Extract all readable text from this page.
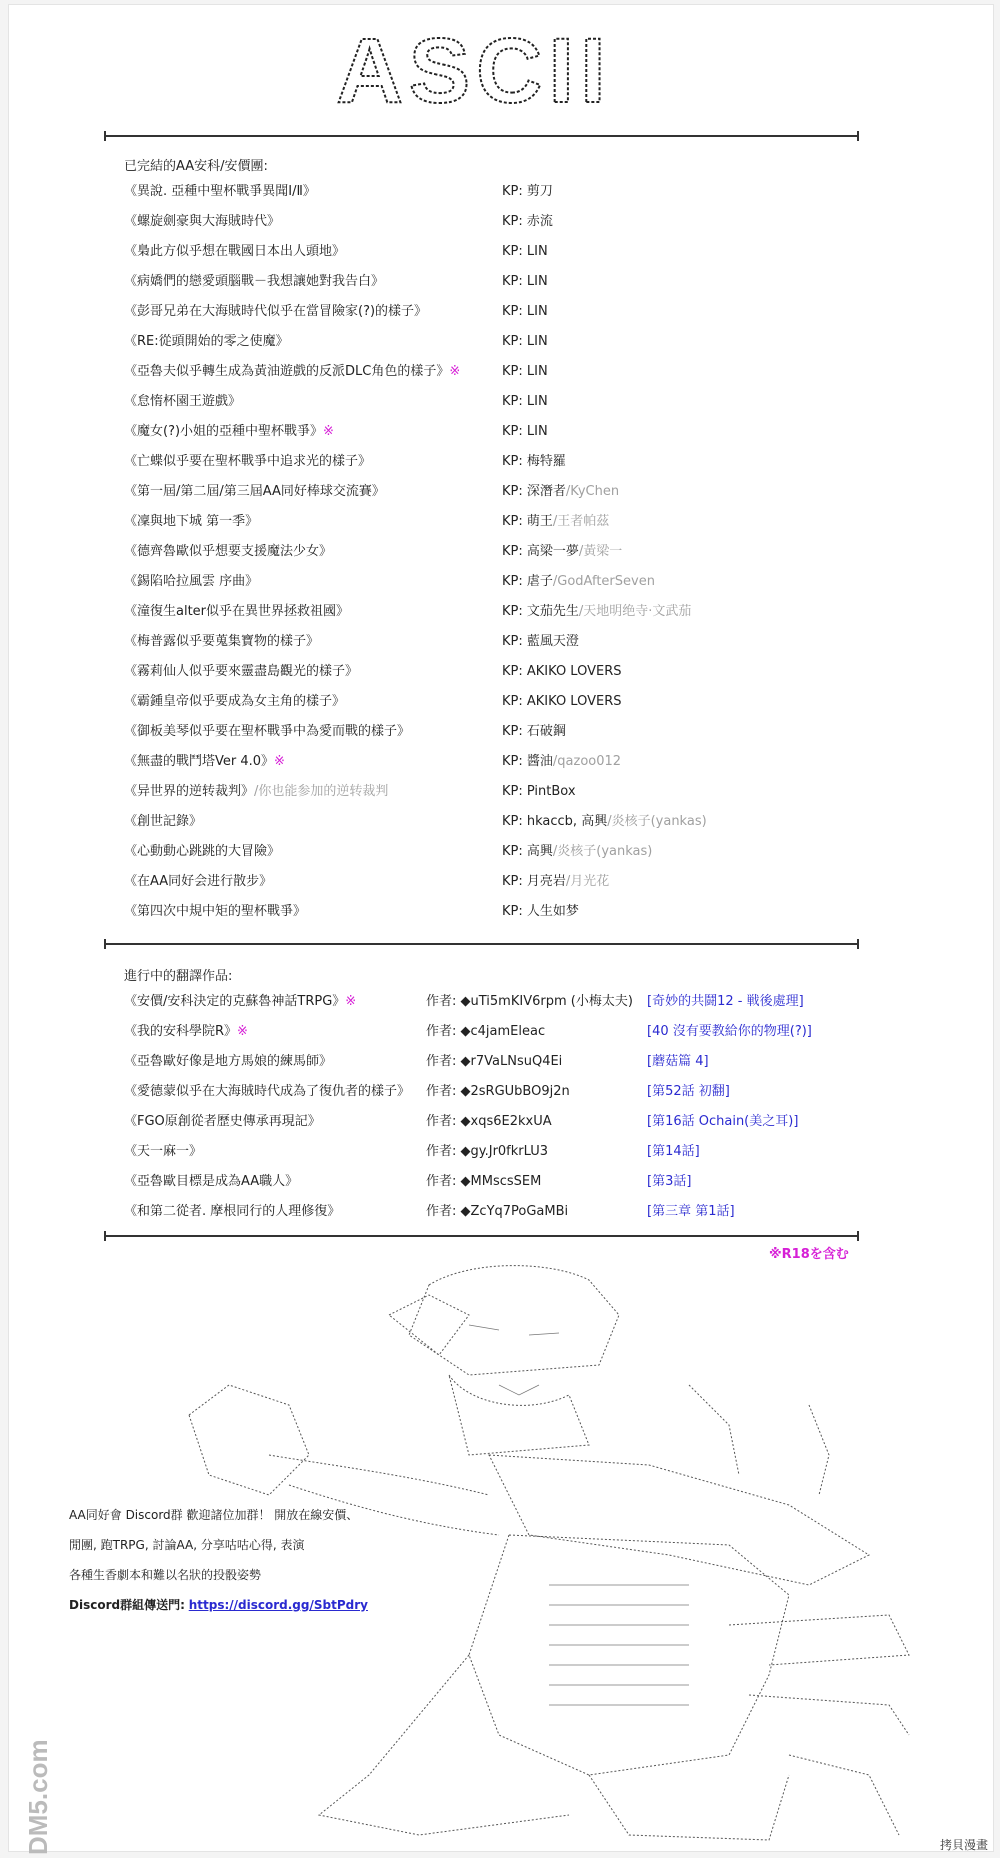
ASCII
已完結的AA安科/安價團:
《異說. 亞種中聖杯戰爭異聞Ⅰ/Ⅱ》	KP: 剪刀
《螺旋劍豪與大海賊時代》	KP: 赤流
《梟此方似乎想在戰國日本出人頭地》	KP: LIN
《病嬌們的戀愛頭腦戰－我想讓她對我告白》	KP: LIN
《彭哥兄弟在大海賊時代似乎在當冒險家(?)的樣子》	KP: LIN
《RE:從頭開始的零之使魔》	KP: LIN
《亞魯夫似乎轉生成為黃油遊戲的反派DLC角色的樣子》※	KP: LIN
《怠惰杯園王遊戲》	KP: LIN
《魔女(?)小姐的亞種中聖杯戰爭》※	KP: LIN
《亡蝶似乎要在聖杯戰爭中追求光的樣子》	KP: 梅特羅
《第一屆/第二屆/第三屆AA同好棒球交流賽》	KP: 深潛者/KyChen
《凜與地下城 第一季》	KP: 萌王/王者帕茲
《德齊魯歐似乎想要支援魔法少女》	KP: 高梁一夢/黃梁一
《錫陷哈拉風雲 序曲》	KP: 虐子/GodAfterSeven
《潼復生alter似乎在異世界拯救祖國》	KP: 文茄先生/天地明绝寺·文武茄
《梅普露似乎要蒐集寶物的樣子》	KP: 藍風天澄
《霧莉仙人似乎要來靈盡島觀光的樣子》	KP: AKIKO LOVERS
《霸鍾皇帝似乎要成為女主角的樣子》	KP: AKIKO LOVERS
《御板美琴似乎要在聖杯戰爭中為愛而戰的樣子》	KP: 石破鋼
《無盡的戰鬥塔Ver 4.0》※	KP: 醬油/qazoo012
《异世界的逆转裁判》/你也能参加的逆转裁判	KP: PintBox
《創世記錄》	KP: hkaccb, 高興/炎核子(yankas)
《心動動心跳跳的大冒險》	KP: 高興/炎核子(yankas)
《在AA同好会进行散步》	KP: 月亮岩/月光花
《第四次中規中矩的聖杯戰爭》	KP: 人生如梦
進行中的翻譯作品:
《安價/安科決定的克蘇魯神話TRPG》※	作者: ◆uTi5mKIV6rpm (小梅太夫) [奇妙的共鬪12 - 戦後處理]
《我的安科學院R》※	作者: ◆c4jamEleac	[40 沒有要教給你的物理(?)]
《亞魯歐好像是地方馬娘的練馬師》	作者: ◆r7VaLNsuQ4Ei	[蘑菇篇 4]
《愛德蒙似乎在大海賊時代成為了復仇者的樣子》 作者: ◆2sRGUbBO9j2n	[第52話 初翻]
《FGO原創從者歷史傳承再現記》	作者: ◆xqs6E2kxUA	[第16話 Ochain(美之耳)]
《天一麻一》	作者: ◆gy.Jr0fkrLU3	[第14話]
《亞魯歐目標是成為AA職人》	作者: ◆MMscsSEM	[第3話]
《和第二從者. 摩根同行的人理修復》	作者: ◆ZcYq7PoGaMBi	[第三章 第1話]
※R18を含む
AA同好會 Discord群 歡迎諸位加群！ 開放在線安價、
閒團, 跑TRPG, 討論AA, 分享咕咕心得, 表演
各種生香劇本和難以名狀的投骰姿勢
Discord群組傳送門: https://discord.gg/SbtPdry
DM5.com	拷貝漫畫
